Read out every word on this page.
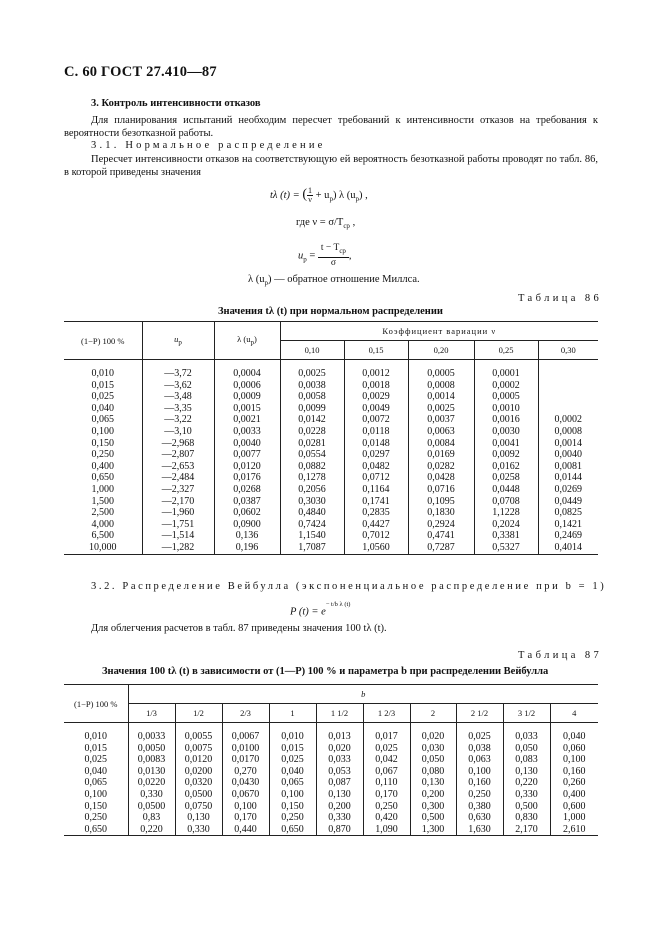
С. 60 ГОСТ 27.410—87
3. Контроль интенсивности отказов
Для планирования испытаний необходим пересчет требований к интенсивности отказов на требования к вероятности безотказной работы.
3.1. Нормальное распределение
Пересчет интенсивности отказов на соответствующую ей вероятность безотказной работы проводят по табл. 86, в которой приведены значения
tλ (t) = ( $\frac{1}{\nu} + u_p$) λ $(u_p)$ ,
где $\nu = \sigma/T_{ср}$ ,
$u_p = \frac{t - T_{ср}}{\sigma}$,
λ $(u_p)$ — обратное отношение Миллса.
Таблица 86
Значения tλ (t) при нормальном распределении
(1−P) 100 %	$u_p$	λ $(u_p)$	Коэффициент вариации ν				
			0,10	0,15	0,20	0,25	0,30

0,010	—3,72	0,0004	0,0025	0,0012	0,0005	0,0001	
0,015	—3,62	0,0006	0,0038	0,0018	0,0008	0,0002	
0,025	—3,48	0,0009	0,0058	0,0029	0,0014	0,0005	
0,040	—3,35	0,0015	0,0099	0,0049	0,0025	0,0010	
0,065	—3,22	0,0021	0,0142	0,0072	0,0037	0,0016	0,0002
0,100	—3,10	0,0033	0,0228	0,0118	0,0063	0,0030	0,0008
0,150	—2,968	0,0040	0,0281	0,0148	0,0084	0,0041	0,0014
0,250	—2,807	0,0077	0,0554	0,0297	0,0169	0,0092	0,0040
0,400	—2,653	0,0120	0,0882	0,0482	0,0282	0,0162	0,0081
0,650	—2,484	0,0176	0,1278	0,0712	0,0428	0,0258	0,0144
1,000	—2,327	0,0268	0,2056	0,1164	0,0716	0,0448	0,0269
1,500	—2,170	0,0387	0,3030	0,1741	0,1095	0,0708	0,0449
2,500	—1,960	0,0602	0,4840	0,2835	0,1830	1,1228	0,0825
4,000	—1,751	0,0900	0,7424	0,4427	0,2924	0,2024	0,1421
6,500	—1,514	0,136	1,1540	0,7012	0,4741	0,3381	0,2469
10,000	—1,282	0,196	1,7087	1,0560	0,7287	0,5327	0,4014
3.2. Распределение Вейбулла (экспоненциальное распределение при b = 1)
P $(t) = e^{- t/b \lambda (t)}$
Для облегчения расчетов в табл. 87 приведены значения 100 tλ (t).
Таблица 87
Значения 100 tλ (t) в зависимости от (1—P) 100 % и параметра b при распределении Вейбулла
(1−P) 100 %	b									
	1/3	1/2	2/3	1	1 1/2	1 2/3	2	2 1/2	3 1/2	4

0,010	0,0033	0,0055	0,0067	0,010	0,013	0,017	0,020	0,025	0,033	0,040
0,015	0,0050	0,0075	0,0100	0,015	0,020	0,025	0,030	0,038	0,050	0,060
0,025	0,0083	0,0120	0,0170	0,025	0,033	0,042	0,050	0,063	0,083	0,100
0,040	0,0130	0,0200	0,270	0,040	0,053	0,067	0,080	0,100	0,130	0,160
0,065	0,0220	0,0320	0,0430	0,065	0,087	0,110	0,130	0,160	0,220	0,260
0,100	0,330	0,0500	0,0670	0,100	0,130	0,170	0,200	0,250	0,330	0,400
0,150	0,0500	0,0750	0,100	0,150	0,200	0,250	0,300	0,380	0,500	0,600
0,250	0,83	0,130	0,170	0,250	0,330	0,420	0,500	0,630	0,830	1,000
0,650	0,220	0,330	0,440	0,650	0,870	1,090	1,300	1,630	2,170	2,610
